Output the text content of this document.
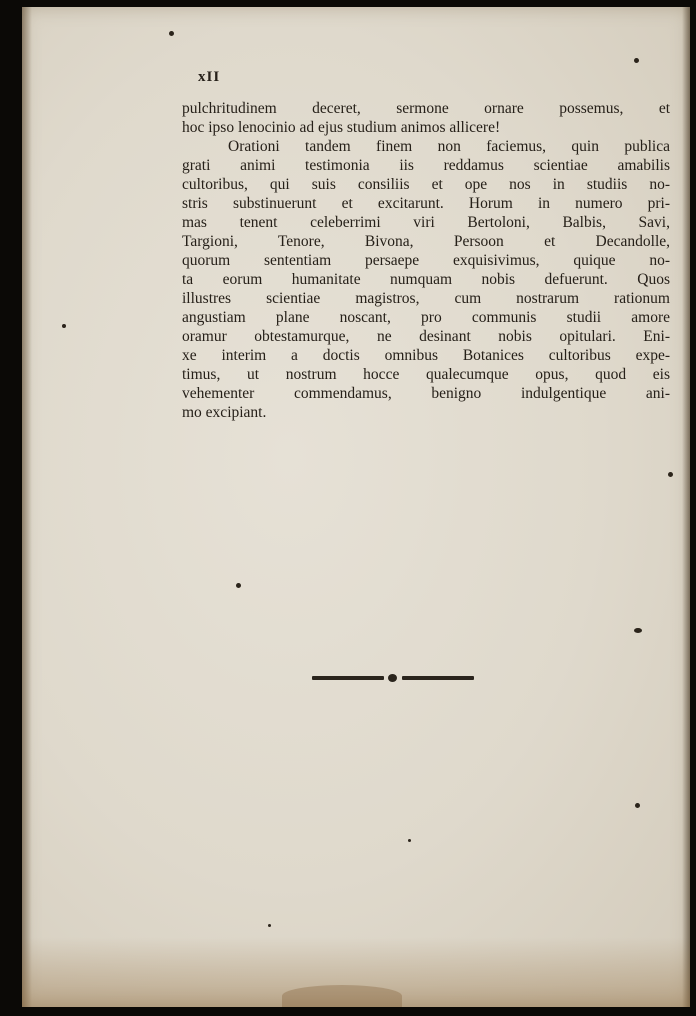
xII

pulchritudinem deceret, sermone ornare possemus, et
hoc ipso lenocinio ad ejus studium animos allicere!
Orationi tandem finem non faciemus, quin publica
grati animi testimonia iis reddamus scientiae amabilis
cultoribus, qui suis consiliis et ope nos in studiis no-
stris substinuerunt et excitarunt. Horum in numero pri-
mas tenent celeberrimi viri Bertoloni, Balbis, Savi,
Targioni, Tenore, Bivona, Persoon et Decandolle,
quorum sententiam persaepe exquisivimus, quique no-
ta eorum humanitate numquam nobis defuerunt. Quos
illustres scientiae magistros, cum nostrarum rationum
angustiam plane noscant, pro communis studii amore
oramur obtestamurque, ne desinant nobis opitulari. Eni-
xe interim a doctis omnibus Botanices cultoribus expe-
timus, ut nostrum hocce qualecumque opus, quod eis
vehementer commendamus, benigno indulgentique ani-
mo excipiant.
